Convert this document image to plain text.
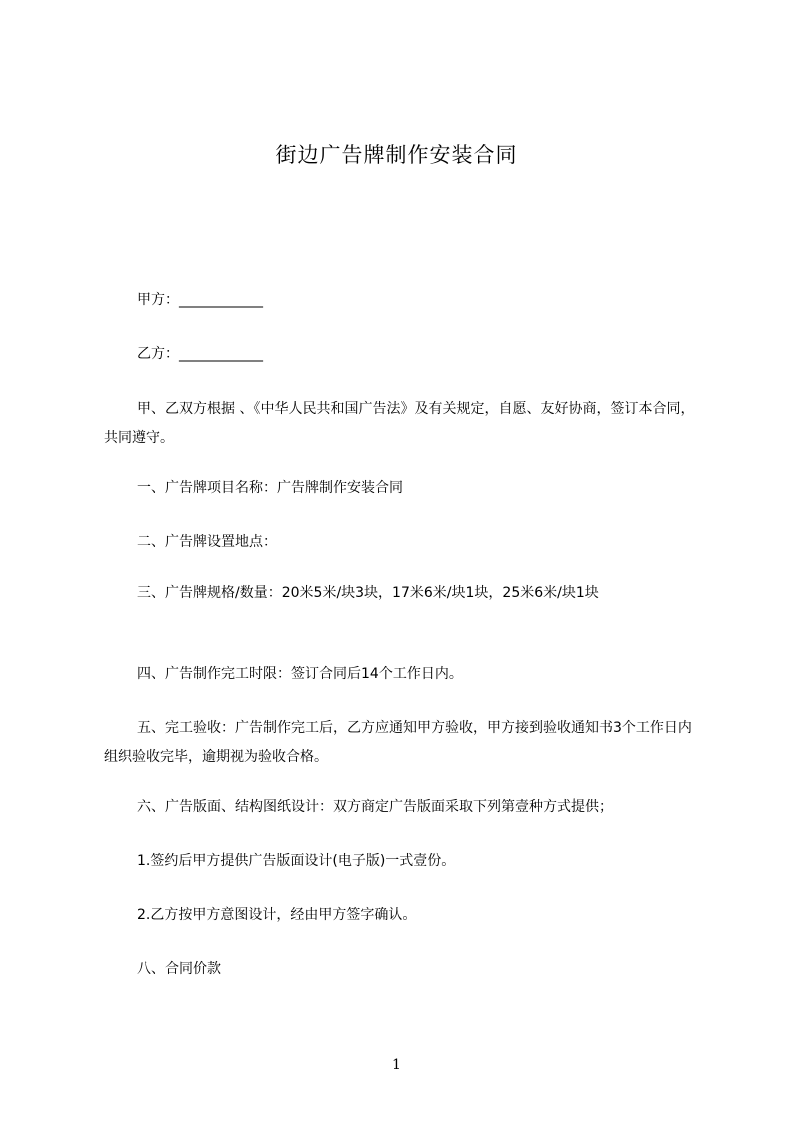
街边广告牌制作安装合同

甲方：____________

乙方：____________

甲、乙双方根据 、《中华人民共和国广告法》及有关规定，自愿、友好协商，签订本合同，共同遵守。

一、广告牌项目名称：广告牌制作安装合同

二、广告牌设置地点：

三、广告牌规格/数量：20米5米/块3块，17米6米/块1块，25米6米/块1块

四、广告制作完工时限：签订合同后14个工作日内。

五、完工验收：广告制作完工后，乙方应通知甲方验收，甲方接到验收通知书3个工作日内组织验收完毕，逾期视为验收合格。

六、广告版面、结构图纸设计：双方商定广告版面采取下列第壹种方式提供；

1.签约后甲方提供广告版面设计(电子版)一式壹份。

2.乙方按甲方意图设计，经由甲方签字确认。

八、合同价款

1
